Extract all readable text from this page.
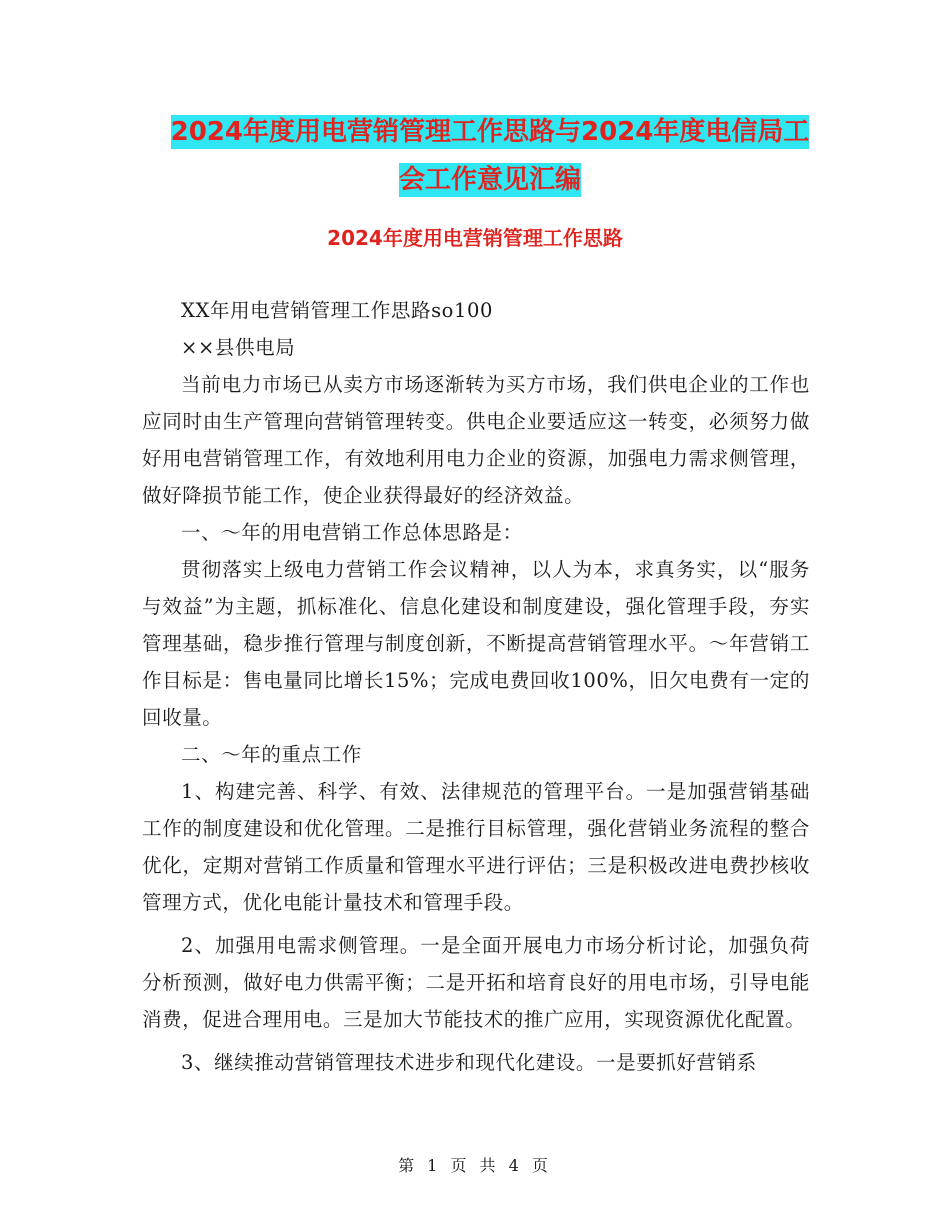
2024年度用电营销管理工作思路与2024年度电信局工
会工作意见汇编
2024年度用电营销管理工作思路

XX年用电营销管理工作思路so100

××县供电局

当前电力市场已从卖方市场逐渐转为买方市场，我们供电企业的工作也应同时由生产管理向营销管理转变。供电企业要适应这一转变，必须努力做好用电营销管理工作，有效地利用电力企业的资源，加强电力需求侧管理，做好降损节能工作，使企业获得最好的经济效益。

一、～年的用电营销工作总体思路是：

贯彻落实上级电力营销工作会议精神，以人为本，求真务实，以“服务与效益”为主题，抓标准化、信息化建设和制度建设，强化管理手段，夯实管理基础，稳步推行管理与制度创新，不断提高营销管理水平。～年营销工作目标是：售电量同比增长15%；完成电费回收100%，旧欠电费有一定的回收量。

二、～年的重点工作

1、构建完善、科学、有效、法律规范的管理平台。一是加强营销基础工作的制度建设和优化管理。二是推行目标管理，强化营销业务流程的整合优化，定期对营销工作质量和管理水平进行评估；三是积极改进电费抄核收管理方式，优化电能计量技术和管理手段。

2、加强用电需求侧管理。一是全面开展电力市场分析讨论，加强负荷分析预测，做好电力供需平衡；二是开拓和培育良好的用电市场，引导电能消费，促进合理用电。三是加大节能技术的推广应用，实现资源优化配置。

3、继续推动营销管理技术进步和现代化建设。一是要抓好营销系

第 1 页 共 4 页
